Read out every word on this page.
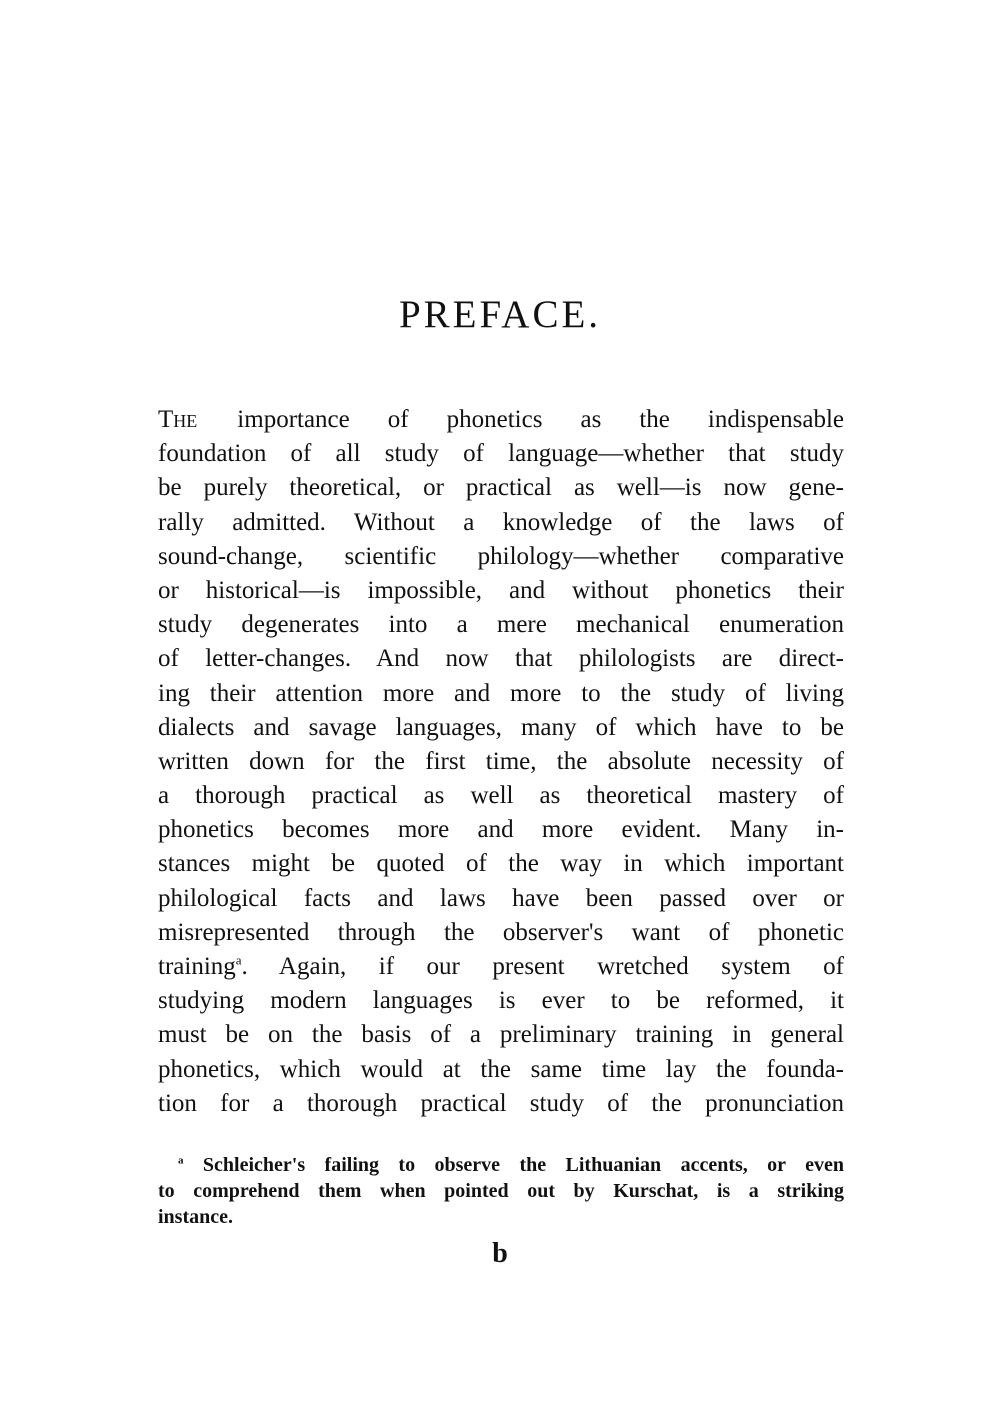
PREFACE.
The importance of phonetics as the indispensable
foundation of all study of language—whether that study
be purely theoretical, or practical as well—is now gene-
rally admitted. Without a knowledge of the laws of
sound-change, scientific philology—whether comparative
or historical—is impossible, and without phonetics their
study degenerates into a mere mechanical enumeration
of letter-changes. And now that philologists are direct-
ing their attention more and more to the study of living
dialects and savage languages, many of which have to be
written down for the first time, the absolute necessity of
a thorough practical as well as theoretical mastery of
phonetics becomes more and more evident. Many in-
stances might be quoted of the way in which important
philological facts and laws have been passed over or
misrepresented through the observer's want of phonetic
training$^a$. Again, if our present wretched system of
studying modern languages is ever to be reformed, it
must be on the basis of a preliminary training in general
phonetics, which would at the same time lay the founda-
tion for a thorough practical study of the pronunciation
$^a$ Schleicher's failing to observe the Lithuanian accents, or even
to comprehend them when pointed out by Kurschat, is a striking
instance.
b
